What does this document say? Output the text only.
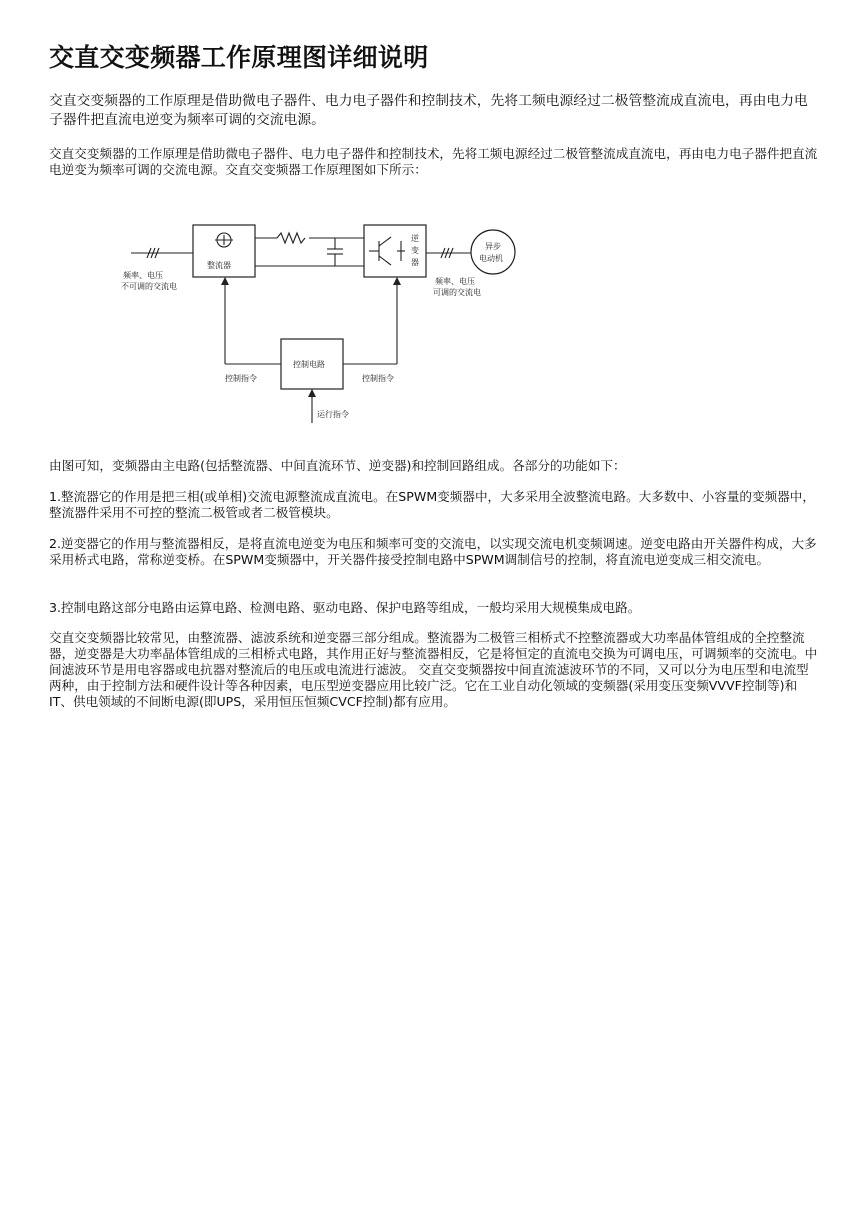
交直交变频器工作原理图详细说明
交直交变频器的工作原理是借助微电子器件、电力电子器件和控制技术，先将工频电源经过二极管整流成直流电，再由电力电子器件把直流电逆变为频率可调的交流电源。
交直交变频器的工作原理是借助微电子器件、电力电子器件和控制技术，先将工频电源经过二极管整流成直流电，再由电力电子器件把直流电逆变为频率可调的交流电源。交直交变频器工作原理图如下所示：
整流器
逆
变
器
异步
电动机
频率、电压
不可调的交流电
频率、电压
可调的交流电
控制电路
控制指令	控制指令
运行指令
由图可知，变频器由主电路(包括整流器、中间直流环节、逆变器)和控制回路组成。各部分的功能如下：
1.整流器它的作用是把三相(或单相)交流电源整流成直流电。在SPWM变频器中，大多采用全波整流电路。大多数中、小容量的变频器中，整流器件采用不可控的整流二极管或者二极管模块。
2.逆变器它的作用与整流器相反，是将直流电逆变为电压和频率可变的交流电，以实现交流电机变频调速。逆变电路由开关器件构成，大多采用桥式电路，常称逆变桥。在SPWM变频器中，开关器件接受控制电路中SPWM调制信号的控制，将直流电逆变成三相交流电。
3.控制电路这部分电路由运算电路、检测电路、驱动电路、保护电路等组成，一般均采用大规模集成电路。
交直交变频器比较常见，由整流器、滤波系统和逆变器三部分组成。整流器为二极管三相桥式不控整流器或大功率晶体管组成的全控整流器，逆变器是大功率晶体管组成的三相桥式电路，其作用正好与整流器相反，它是将恒定的直流电交换为可调电压，可调频率的交流电。中间滤波环节是用电容器或电抗器对整流后的电压或电流进行滤波。 交直交变频器按中间直流滤波环节的不同，又可以分为电压型和电流型两种，由于控制方法和硬件设计等各种因素，电压型逆变器应用比较广泛。它在工业自动化领域的变频器(采用变压变频VVVF控制等)和IT、供电领域的不间断电源(即UPS，采用恒压恒频CVCF控制)都有应用。
